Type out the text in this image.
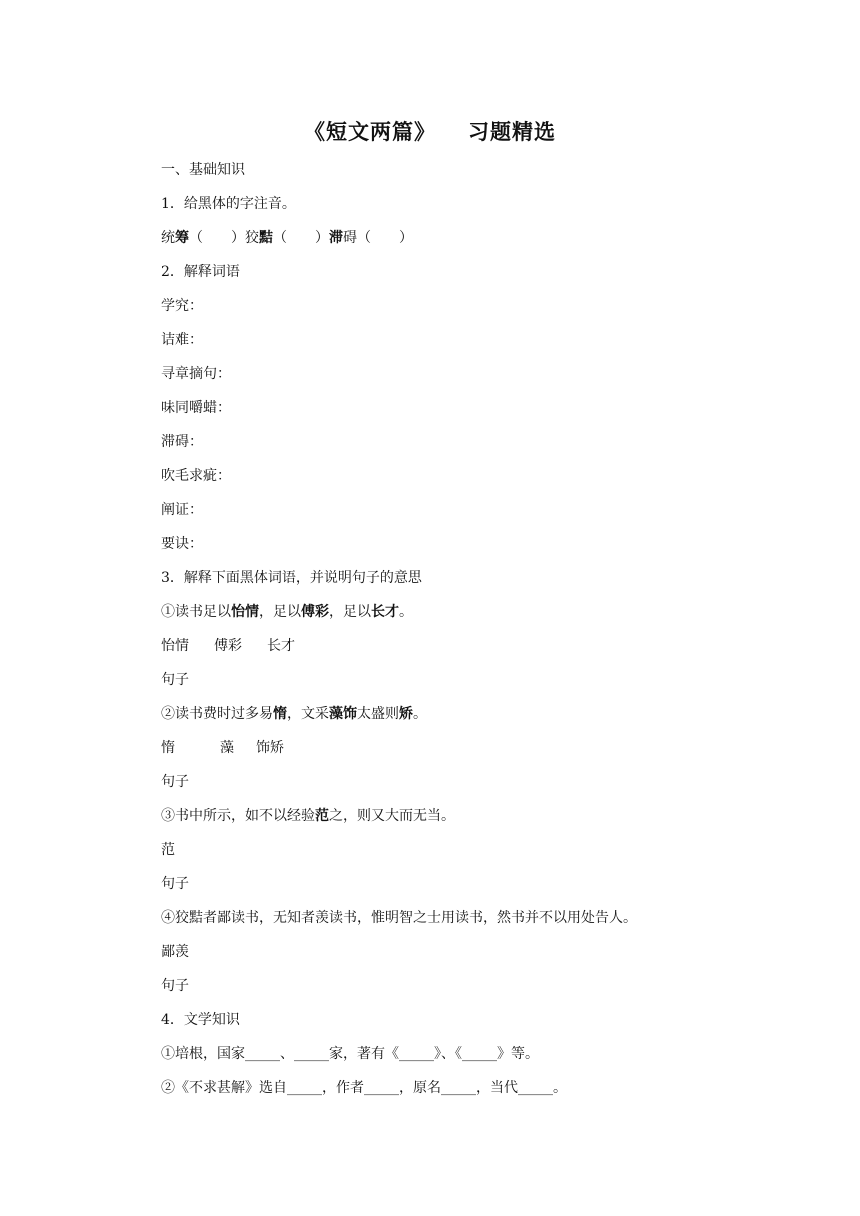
《短文两篇》 习题精选
一、基础知识
1．给黑体的字注音。
统筹（　　）狡黠（　　）滞碍（　　）
2．解释词语
学究：
诘难：
寻章摘句：
味同嚼蜡：
滞碍：
吹毛求疵：
阐证：
要诀：
3．解释下面黑体词语，并说明句子的意思
①读书足以怡情，足以傅彩，足以长才。
怡情 傅彩 长才
句子
②读书费时过多易惰，文采藻饰太盛则矫。
惰	藻 饰矫
句子
③书中所示，如不以经验范之，则又大而无当。
范
句子
④狡黠者鄙读书，无知者羡读书，惟明智之士用读书，然书并不以用处告人。
鄙羡
句子
4．文学知识
①培根，国家_____、_____家，著有《_____》、《_____》等。
②《不求甚解》选自_____，作者_____，原名_____，当代_____。
